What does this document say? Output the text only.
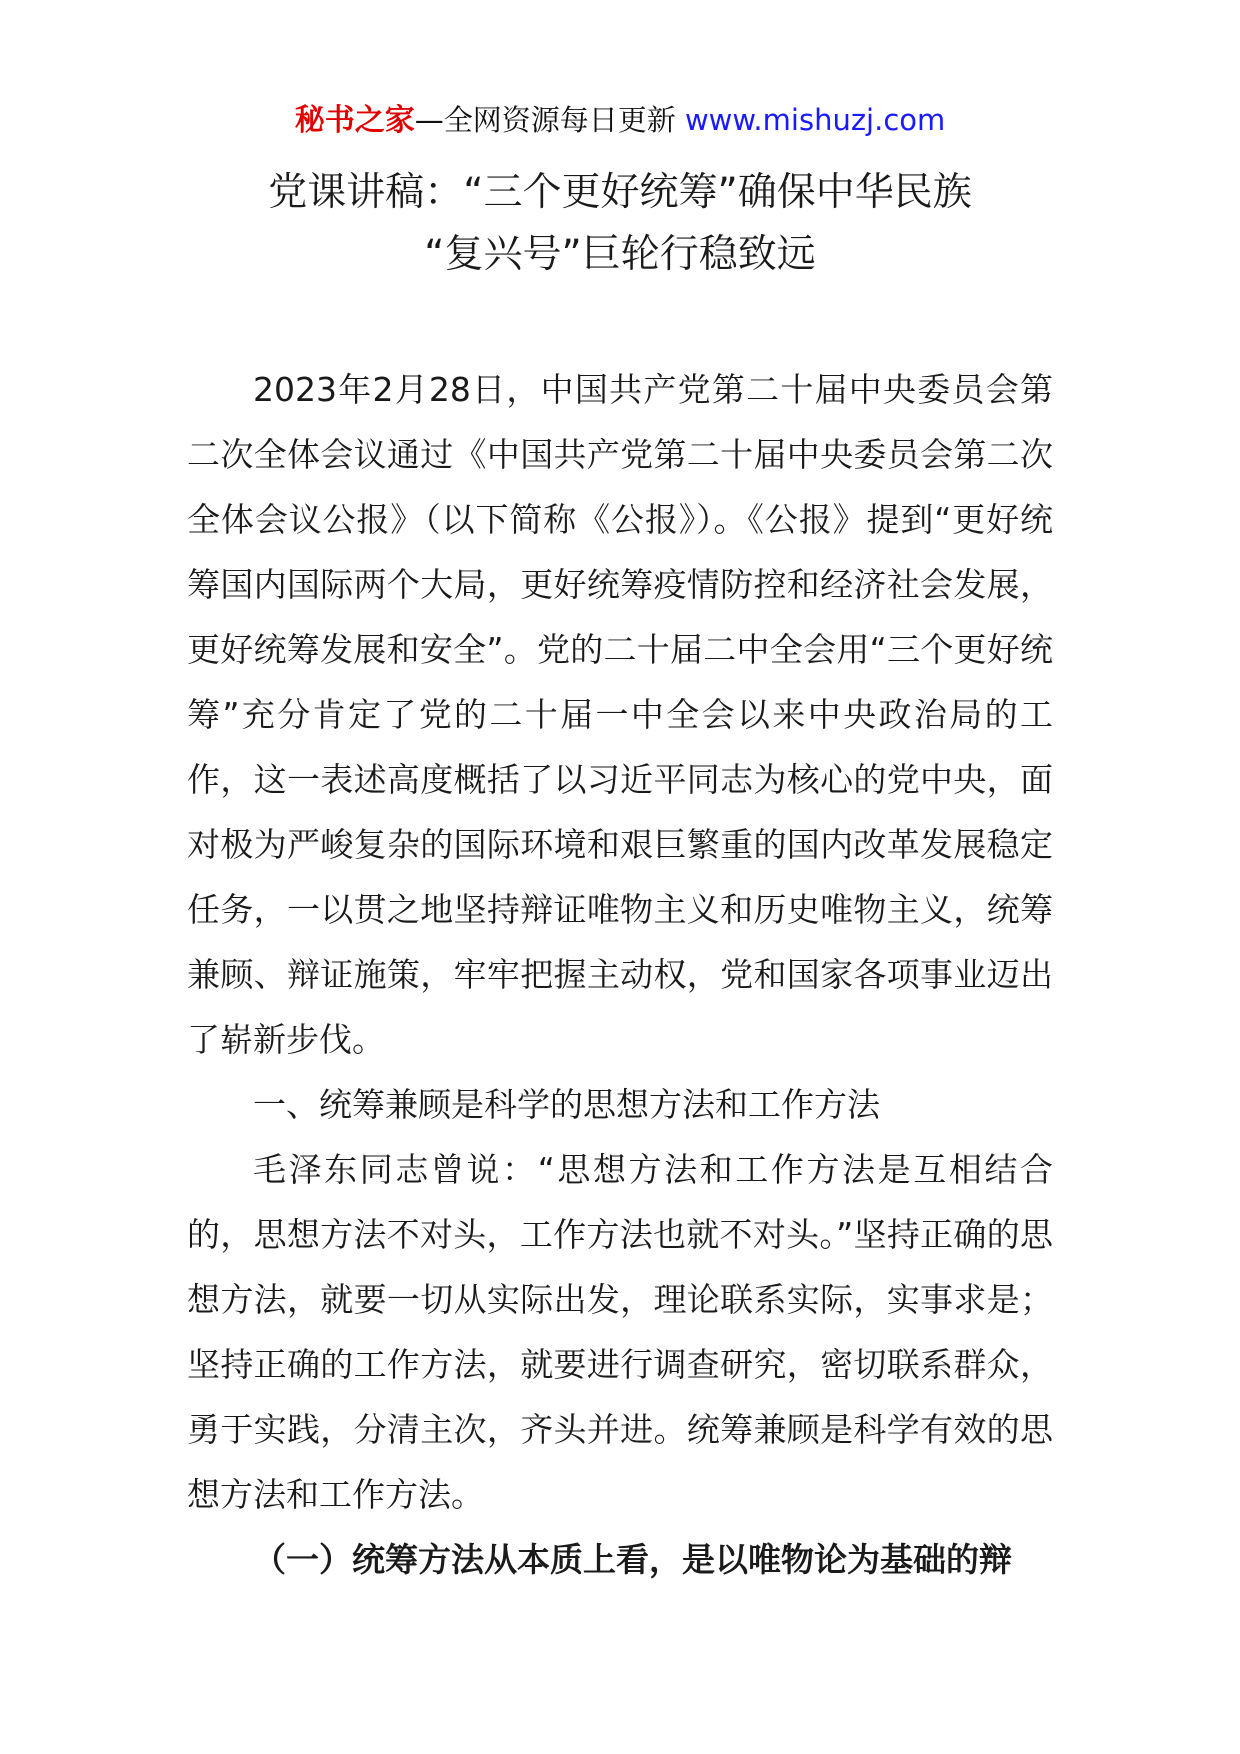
秘书之家—全网资源每日更新 www.mishuzj.com
党课讲稿：“三个更好统筹”确保中华民族
“复兴号”巨轮行稳致远

2023年2月28日，中国共产党第二十届中央委员会第二次全体会议通过《中国共产党第二十届中央委员会第二次全体会议公报》（以下简称《公报》）。《公报》提到“更好统筹国内国际两个大局，更好统筹疫情防控和经济社会发展，更好统筹发展和安全”。党的二十届二中全会用“三个更好统筹”充分肯定了党的二十届一中全会以来中央政治局的工作，这一表述高度概括了以习近平同志为核心的党中央，面对极为严峻复杂的国际环境和艰巨繁重的国内改革发展稳定任务，一以贯之地坚持辩证唯物主义和历史唯物主义，统筹兼顾、辩证施策，牢牢把握主动权，党和国家各项事业迈出了崭新步伐。

一、统筹兼顾是科学的思想方法和工作方法

毛泽东同志曾说：“思想方法和工作方法是互相结合的，思想方法不对头，工作方法也就不对头。”坚持正确的思想方法，就要一切从实际出发，理论联系实际，实事求是；坚持正确的工作方法，就要进行调查研究，密切联系群众，勇于实践，分清主次，齐头并进。统筹兼顾是科学有效的思想方法和工作方法。

（一）统筹方法从本质上看，是以唯物论为基础的辩
